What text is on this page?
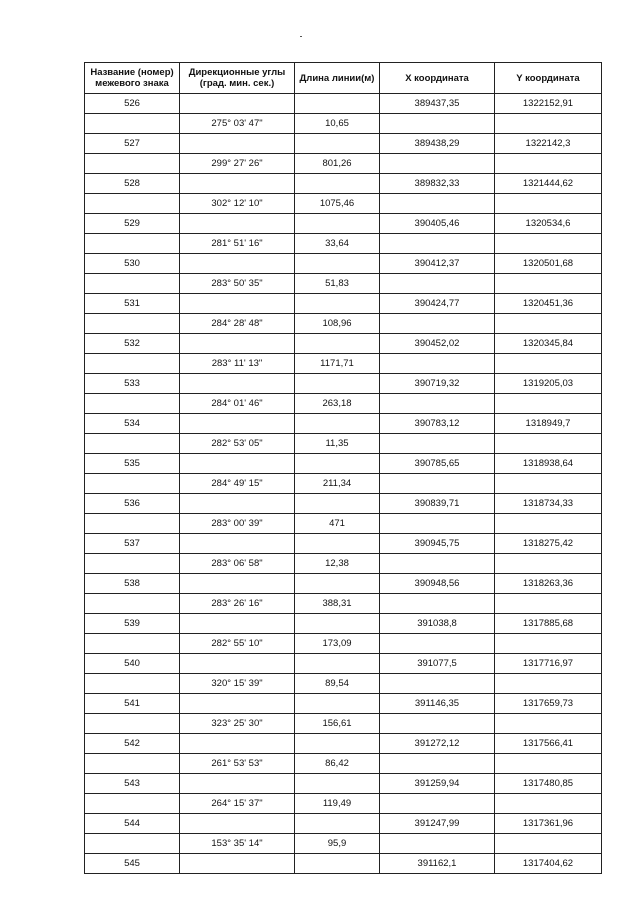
Название (номер) межевого знака	Дирекционные углы (град. мин. сек.)	Длина линии(м)	X координата	Y координата
526			389437,35	1322152,91
	275° 03' 47"	10,65		
527			389438,29	1322142,3
	299° 27' 26"	801,26		
528			389832,33	1321444,62
	302° 12' 10"	1075,46		
529			390405,46	1320534,6
	281° 51' 16"	33,64		
530			390412,37	1320501,68
	283° 50' 35"	51,83		
531			390424,77	1320451,36
	284° 28' 48"	108,96		
532			390452,02	1320345,84
	283° 11' 13"	1171,71		
533			390719,32	1319205,03
	284° 01' 46"	263,18		
534			390783,12	1318949,7
	282° 53' 05"	11,35		
535			390785,65	1318938,64
	284° 49' 15"	211,34		
536			390839,71	1318734,33
	283° 00' 39"	471		
537			390945,75	1318275,42
	283° 06' 58"	12,38		
538			390948,56	1318263,36
	283° 26' 16"	388,31		
539			391038,8	1317885,68
	282° 55' 10"	173,09		
540			391077,5	1317716,97
	320° 15' 39"	89,54		
541			391146,35	1317659,73
	323° 25' 30"	156,61		
542			391272,12	1317566,41
	261° 53' 53"	86,42		
543			391259,94	1317480,85
	264° 15' 37"	119,49		
544			391247,99	1317361,96
	153° 35' 14"	95,9		
545			391162,1	1317404,62
